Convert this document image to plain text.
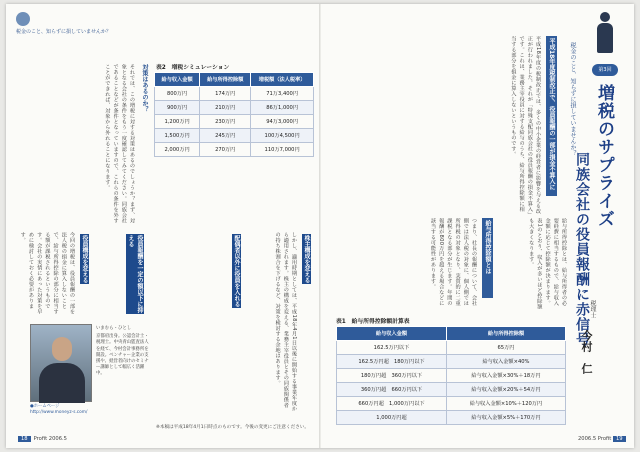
税金のこと、知らずに損していませんか？
表2　増税シミュレーション
給与収入金額	給与所得控除額	増税額（法人税率）
800万円	174万円	71万3,400円
900万円	210万円	86万1,000円
1,200万円	230万円	94万3,000円
1,500万円	245万円	100万4,500円
2,000万円	270万円	110万7,000円
対策はあるのか？
それでは、この増税に対する対策はあるのでしょうか？まず、対象となる会社の条件をもう一度確認してみてください。同族会社であることなどが条件となっていますので、これらの条件を外すことができれば、対象から外れることになります。
株主構成を変える
しかし、適用時期としては、平成18年4月1日以後に開始する事業年度から適用されます。株主の構成を変える、業務主宰役員とその同族関係者の持ち株割合を下げるなど、対策を検討する余地はあります。
役員報酬を一定の額以下に抑える
役員構成を変える
今回の増税は、役員報酬の一部を法人税の損金に算入しないことで、給与所得控除の部分に相当する額が課税されるというものです。会社の実情にあった対策を早めに検討しておく必要があります。	配偶者以外に役員を入れる
いまむら・ひとし
京都府出身。公認会計士・税理士。中央青山監査法人を経て、今村会計事務所を開設。ベンチャー企業の支援や、経営者向けのセミナー講師として幅広く活躍中。
●ホームページ
http://www.moneyz-s.com/
※本稿は平成18年4月1日時点のものです。今後の変更にご注意ください。
18 Profit 2006.5
税金のこと、知らずに損していませんか？	第3回
増税のサプライズ
同族会社の役員報酬に赤信号 税理士
今村　仁
平成18年度税制改正で、役員報酬の一部が損金不算入に
平成18年度の税制改正では、多くの中小企業の経営者に影響を与える改正が行われました。それが「特殊支配同族会社の役員報酬の損金不算入」です。これは、業務主宰役員に対する給与のうち、給与所得控除額に相当する部分を損金に算入しないというものです。
給与所得控除額とは
つまり、社長の報酬について、会社側では法人税の対象に、個人側では所得税の対象となり、実質的に二重課税となる部分が生じます。年間の報酬が800万円を超える場合などに該当する可能性があります。	給与所得控除とは、給与所得者の必要経費に相当するもので、給与収入金額に応じて控除額が決まります。表1のとおり、収入が多いほど控除額も大きくなります。
表1　給与所得控除額計算表
給与収入金額	給与所得控除額
162.5万円以下	65万円
162.5万円超　180万円以下	給与収入金額×40%
180万円超　360万円以下	給与収入金額×30%＋18万円
360万円超　660万円以下	給与収入金額×20%＋54万円
660万円超　1,000万円以下	給与収入金額×10%＋120万円
1,000万円超	給与収入金額×5%＋170万円
2006.5 Profit 19
